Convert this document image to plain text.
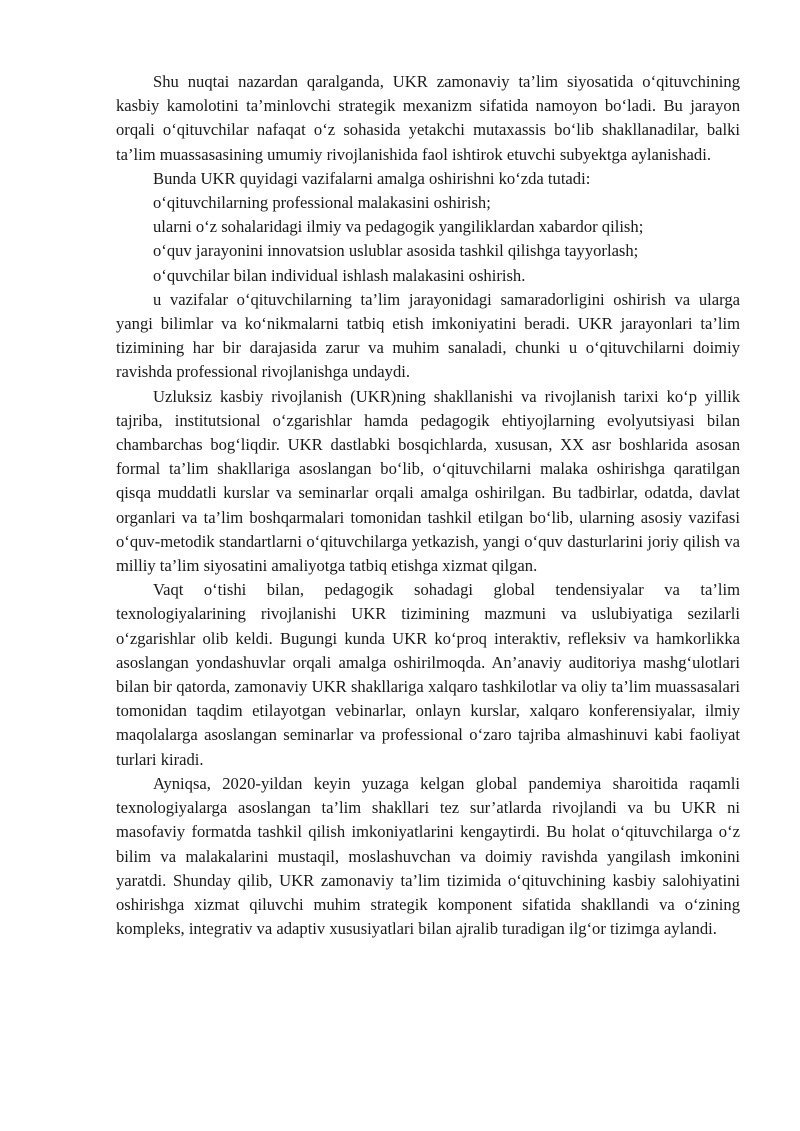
Shu nuqtai nazardan qaralganda, UKR zamonaviy ta’lim siyosatida o‘qituvchining kasbiy kamolotini ta’minlovchi strategik mexanizm sifatida namoyon bo‘ladi. Bu jarayon orqali o‘qituvchilar nafaqat o‘z sohasida yetakchi mutaxassis bo‘lib shakllanadilar, balki ta’lim muassasasining umumiy rivojlanishida faol ishtirok etuvchi subyektga aylanishadi.

Bunda UKR quyidagi vazifalarni amalga oshirishni ko‘zda tutadi:

o‘qituvchilarning professional malakasini oshirish;

ularni o‘z sohalaridagi ilmiy va pedagogik yangiliklardan xabardor qilish;

o‘quv jarayonini innovatsion uslublar asosida tashkil qilishga tayyorlash;

o‘quvchilar bilan individual ishlash malakasini oshirish.

u vazifalar o‘qituvchilarning ta’lim jarayonidagi samaradorligini oshirish va ularga yangi bilimlar va ko‘nikmalarni tatbiq etish imkoniyatini beradi. UKR jarayonlari ta’lim tizimining har bir darajasida zarur va muhim sanaladi, chunki u o‘qituvchilarni doimiy ravishda professional rivojlanishga undaydi.

Uzluksiz kasbiy rivojlanish (UKR)ning shakllanishi va rivojlanish tarixi ko‘p yillik tajriba, institutsional o‘zgarishlar hamda pedagogik ehtiyojlarning evolyutsiyasi bilan chambarchas bog‘liqdir. UKR dastlabki bosqichlarda, xususan, XX asr boshlarida asosan formal ta’lim shakllariga asoslangan bo‘lib, o‘qituvchilarni malaka oshirishga qaratilgan qisqa muddatli kurslar va seminarlar orqali amalga oshirilgan. Bu tadbirlar, odatda, davlat organlari va ta’lim boshqarmalari tomonidan tashkil etilgan bo‘lib, ularning asosiy vazifasi o‘quv-metodik standartlarni o‘qituvchilarga yetkazish, yangi o‘quv dasturlarini joriy qilish va milliy ta’lim siyosatini amaliyotga tatbiq etishga xizmat qilgan.

Vaqt o‘tishi bilan, pedagogik sohadagi global tendensiyalar va ta’lim texnologiyalarining rivojlanishi UKR tizimining mazmuni va uslubiyatiga sezilarli o‘zgarishlar olib keldi. Bugungi kunda UKR ko‘proq interaktiv, refleksiv va hamkorlikka asoslangan yondashuvlar orqali amalga oshirilmoqda. An’anaviy auditoriya mashg‘ulotlari bilan bir qatorda, zamonaviy UKR shakllariga xalqaro tashkilotlar va oliy ta’lim muassasalari tomonidan taqdim etilayotgan vebinarlar, onlayn kurslar, xalqaro konferensiyalar, ilmiy maqolalarga asoslangan seminarlar va professional o‘zaro tajriba almashinuvi kabi faoliyat turlari kiradi.

Ayniqsa, 2020-yildan keyin yuzaga kelgan global pandemiya sharoitida raqamli texnologiyalarga asoslangan ta’lim shakllari tez sur’atlarda rivojlandi va bu UKR ni masofaviy formatda tashkil qilish imkoniyatlarini kengaytirdi. Bu holat o‘qituvchilarga o‘z bilim va malakalarini mustaqil, moslashuvchan va doimiy ravishda yangilash imkonini yaratdi. Shunday qilib, UKR zamonaviy ta’lim tizimida o‘qituvchining kasbiy salohiyatini oshirishga xizmat qiluvchi muhim strategik komponent sifatida shakllandi va o‘zining kompleks, integrativ va adaptiv xususiyatlari bilan ajralib turadigan ilg‘or tizimga aylandi.
